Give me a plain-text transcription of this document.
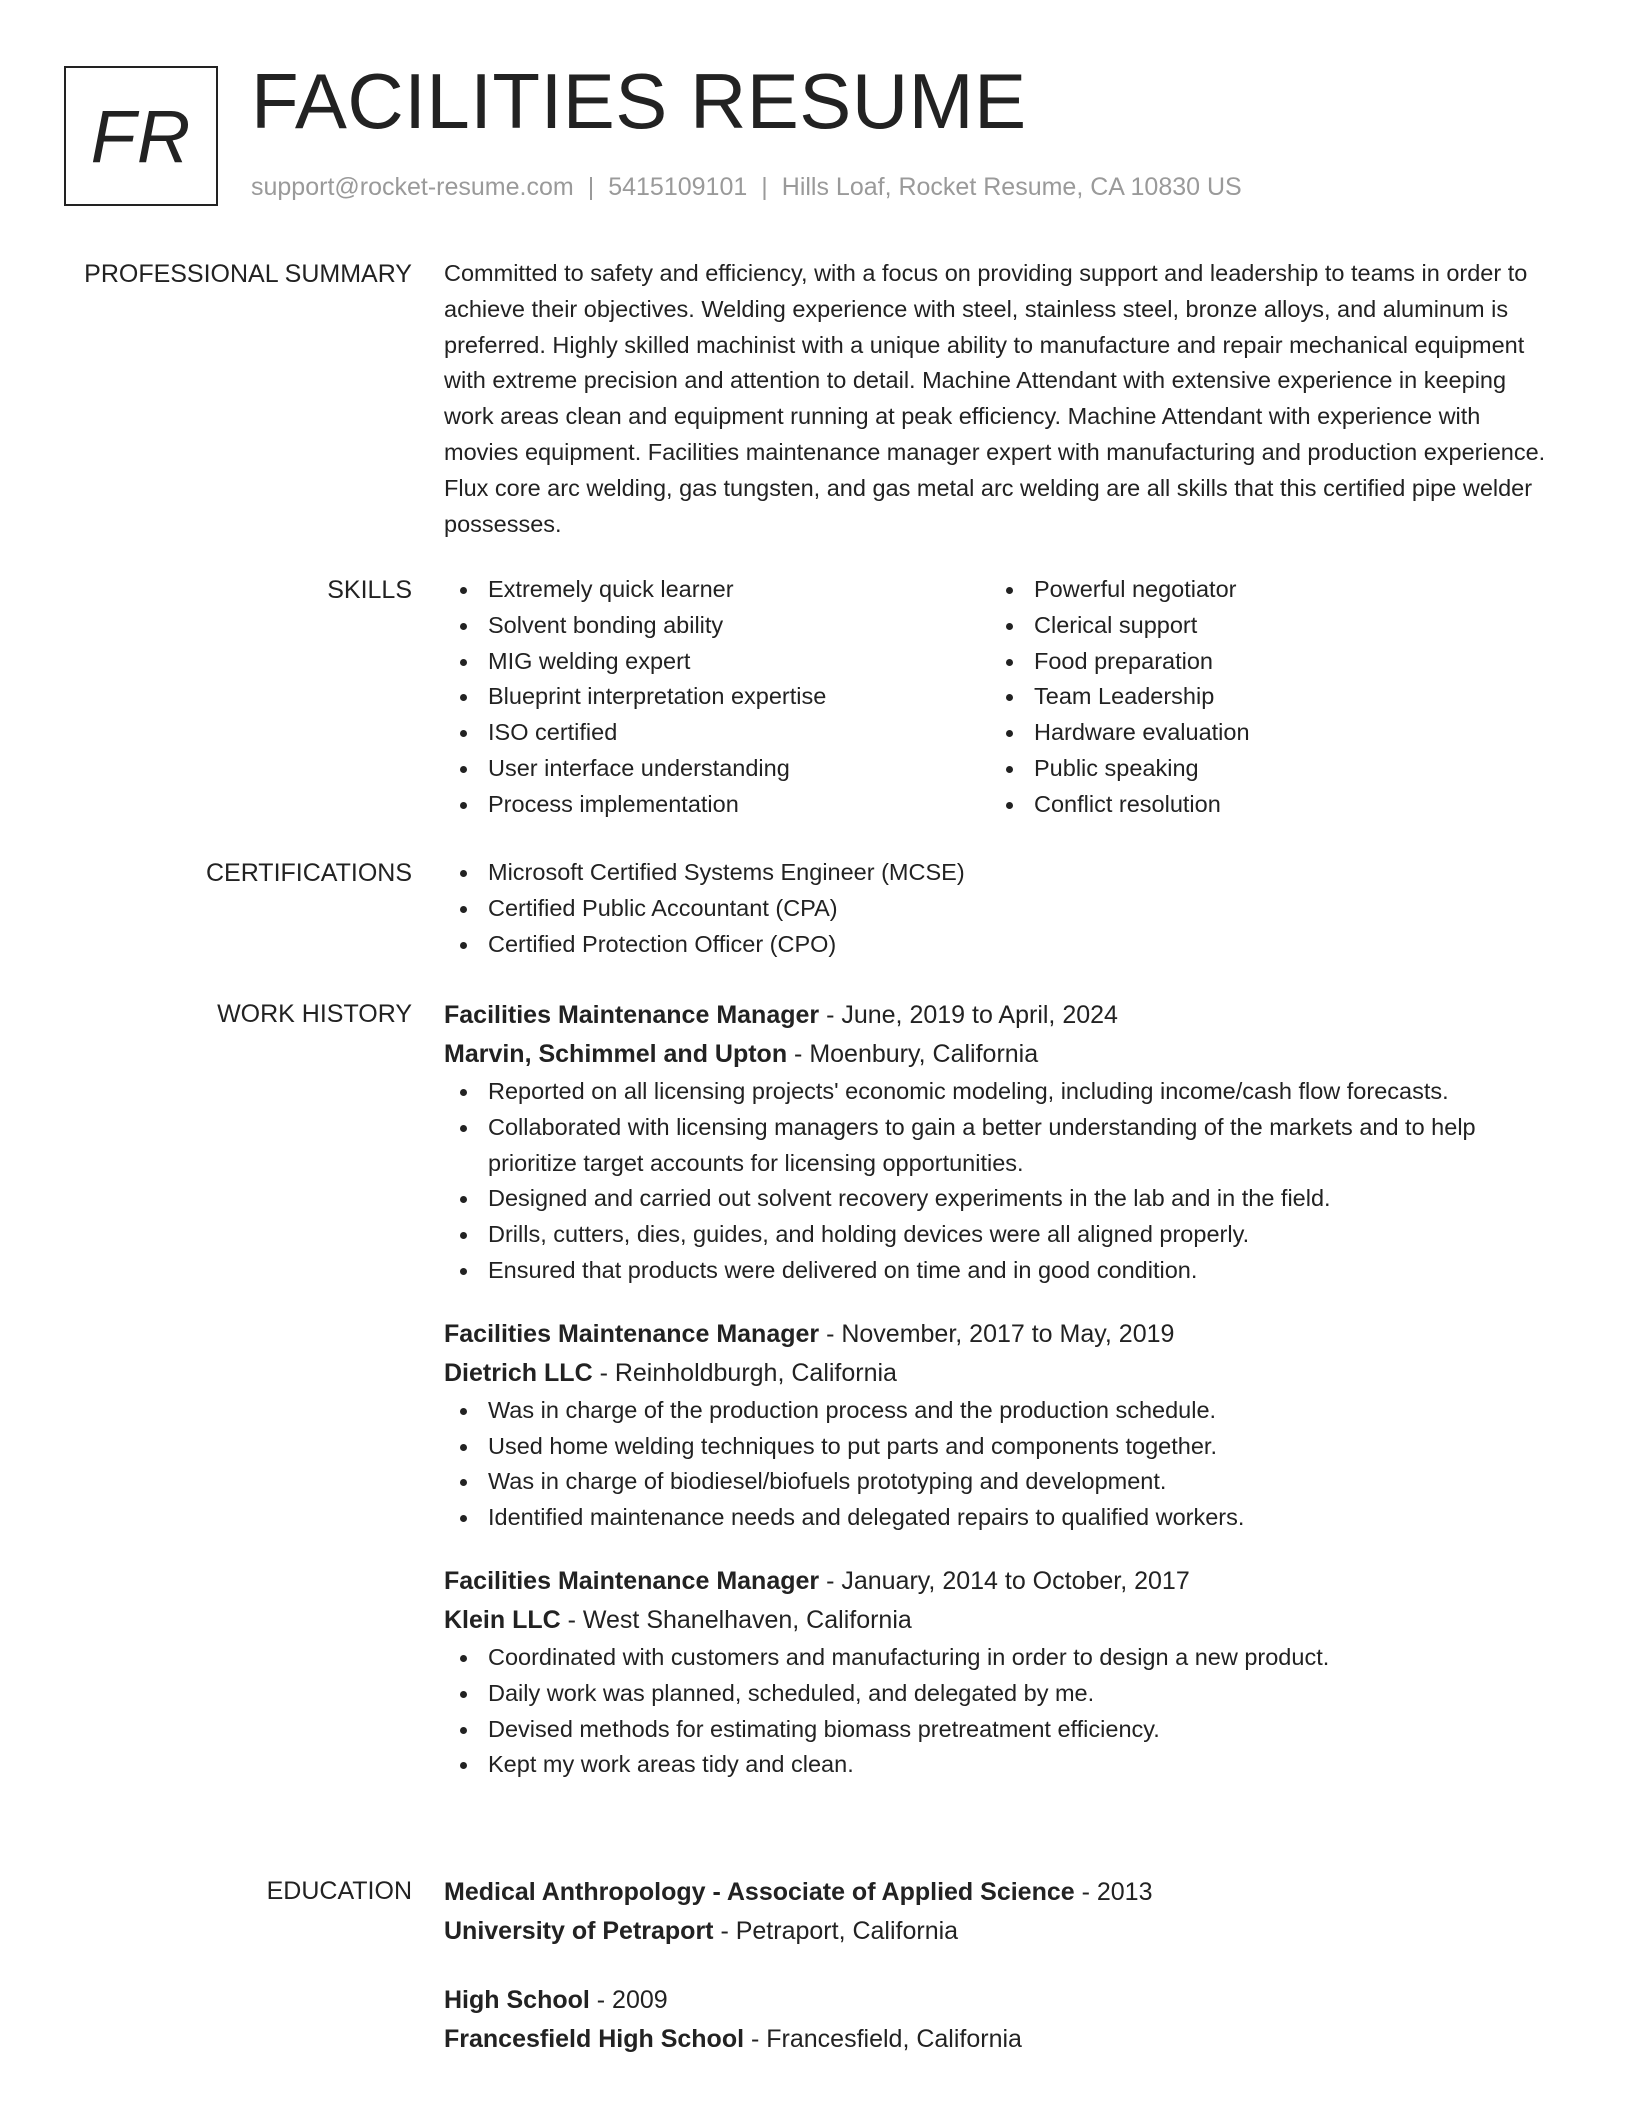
FR FACILITIES RESUME
support@rocket-resume.com | 5415109101 | Hills Loaf, Rocket Resume, CA 10830 US
PROFESSIONAL SUMMARY Committed to safety and efficiency, with a focus on providing support and leadership to teams in order to achieve their objectives. Welding experience with steel, stainless steel, bronze alloys, and aluminum is preferred. Highly skilled machinist with a unique ability to manufacture and repair mechanical equipment with extreme precision and attention to detail. Machine Attendant with extensive experience in keeping work areas clean and equipment running at peak efficiency. Machine Attendant with experience with movies equipment. Facilities maintenance manager expert with manufacturing and production experience. Flux core arc welding, gas tungsten, and gas metal arc welding are all skills that this certified pipe welder possesses.

SKILLS	Extremely quick learner
Solvent bonding ability
MIG welding expert
Blueprint interpretation expertise
ISO certified
User interface understanding
Process implementation
Powerful negotiator
Clerical support
Food preparation
Team Leadership
Hardware evaluation
Public speaking
Conflict resolution
CERTIFICATIONS	Microsoft Certified Systems Engineer (MCSE)
Certified Public Accountant (CPA)
Certified Protection Officer (CPO)
WORK HISTORY Facilities Maintenance Manager - June, 2019 to April, 2024
Marvin, Schimmel and Upton - Moenbury, California
Reported on all licensing projects' economic modeling, including income/cash flow forecasts.
Collaborated with licensing managers to gain a better understanding of the markets and to help prioritize target accounts for licensing opportunities.
Designed and carried out solvent recovery experiments in the lab and in the field.
Drills, cutters, dies, guides, and holding devices were all aligned properly.
Ensured that products were delivered on time and in good condition.
Facilities Maintenance Manager - November, 2017 to May, 2019
Dietrich LLC - Reinholdburgh, California
Was in charge of the production process and the production schedule.
Used home welding techniques to put parts and components together.
Was in charge of biodiesel/biofuels prototyping and development.
Identified maintenance needs and delegated repairs to qualified workers.
Facilities Maintenance Manager - January, 2014 to October, 2017
Klein LLC - West Shanelhaven, California
Coordinated with customers and manufacturing in order to design a new product.
Daily work was planned, scheduled, and delegated by me.
Devised methods for estimating biomass pretreatment efficiency.
Kept my work areas tidy and clean.
EDUCATION Medical Anthropology - Associate of Applied Science - 2013
University of Petraport - Petraport, California
High School - 2009
Francesfield High School - Francesfield, California
